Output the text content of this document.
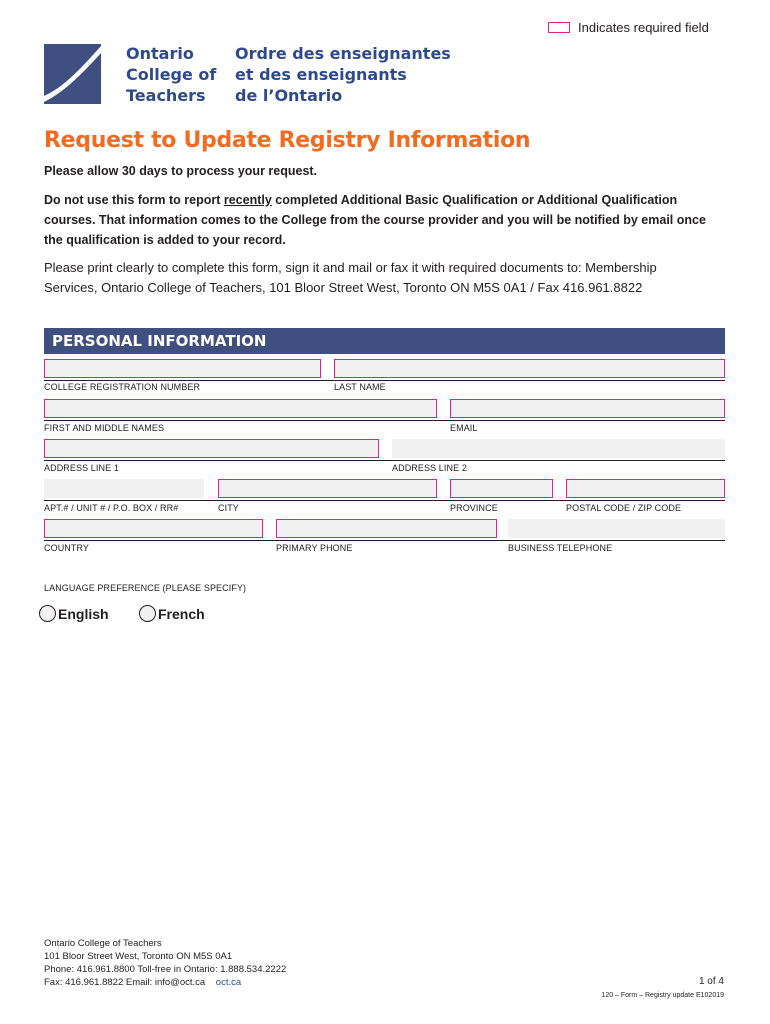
Indicates required field
Ontario
College of
Teachers
Ordre des enseignantes
et des enseignants
de l’Ontario
Request to Update Registry Information
Please allow 30 days to process your request.
Do not use this form to report recently completed Additional Basic Qualification or Additional Qualification courses. That information comes to the College from the course provider and you will be notified by email once the qualification is added to your record.
Please print clearly to complete this form, sign it and mail or fax it with required documents to: Membership Services, Ontario College of Teachers, 101 Bloor Street West, Toronto ON M5S 0A1 / Fax 416.961.8822
PERSONAL INFORMATION
COLLEGE REGISTRATION NUMBER	LAST NAME
FIRST AND MIDDLE NAMES	EMAIL
ADDRESS LINE 1	ADDRESS LINE 2
APT.# / UNIT # / P.O. BOX / RR#	CITY	PROVINCE	POSTAL CODE / ZIP CODE
COUNTRY	PRIMARY PHONE	BUSINESS TELEPHONE
LANGUAGE PREFERENCE (PLEASE SPECIFY)
English	French
Ontario College of Teachers
101 Bloor Street West, Toronto ON M5S 0A1
Phone: 416.961.8800 Toll-free in Ontario: 1.888.534.2222
Fax: 416.961.8822 Email: info@oct.ca oct.ca	1 of 4
120 – Form – Registry update E102019
